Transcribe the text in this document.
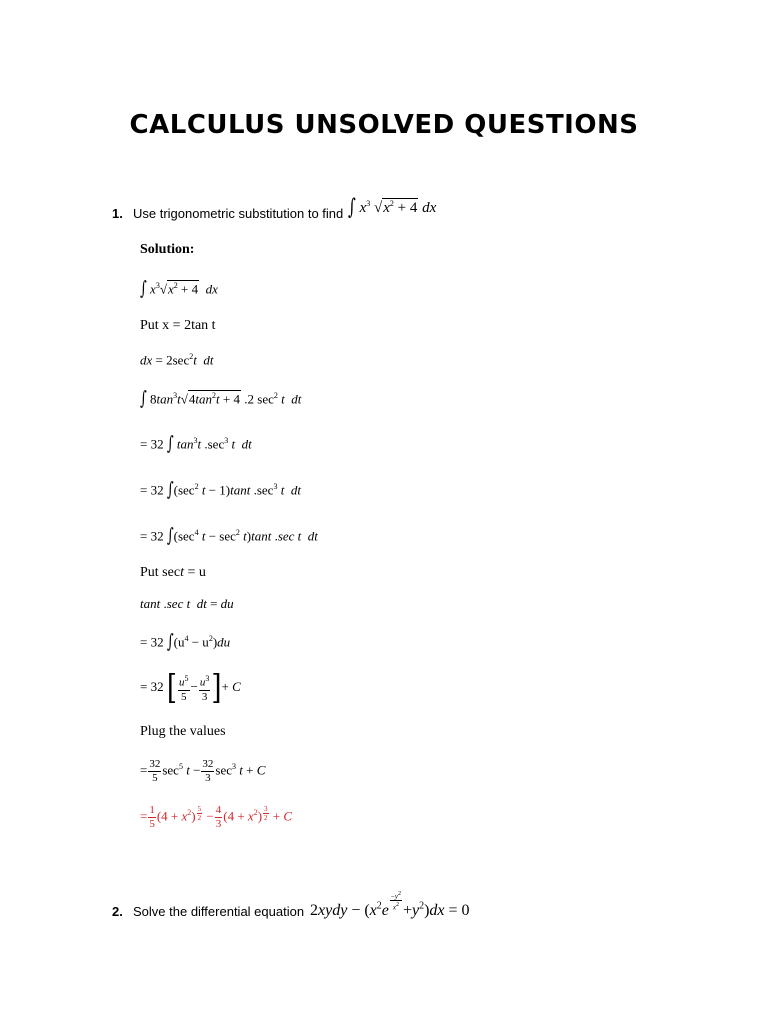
CALCULUS UNSOLVED QUESTIONS
1. Use trigonometric substitution to find ∫ $x^3$ $√x^2 + 4$ dx
Solution:
∫ $x^3√x^2 + 4$ dx
Put x = 2tan t
dx = $2\sec^2t$ dt
∫ $8\tan^3t√4\tan^2t + 4$ .2 $\sec^2 t$  dt
= 32 ∫ $\tan^3t$ $.\sec^3$ t  dt
= 32 $\int(\sec^2$ t − 1)tant $.\sec^3$ t  dt
= 32 $\int(\sec^4$ $t - \sec^2 t)\tan t$ .sec t  dt
Put sect = u
tant .sec t  dt = du
= 32 $\int(u^4 - u^2)du$
= 32 [ $\frac{u^5}{5} - \frac{u^3}{3}$ ]+ C
Plug the values
= $\frac{32}{5} \sec^5 t - \frac{32}{3} \sec^3 t + C$
= $\frac{1}{5} (4 + x^2) ^{\frac{5}{2}} - \frac{4}{3} (4 + x^2) ^{\frac{3}{2}} + C$
2. Solve the differential equation 2xydy − ($x^2e$ $^{\frac{-y^2}{x^2}} +y^2)dx = 0$
